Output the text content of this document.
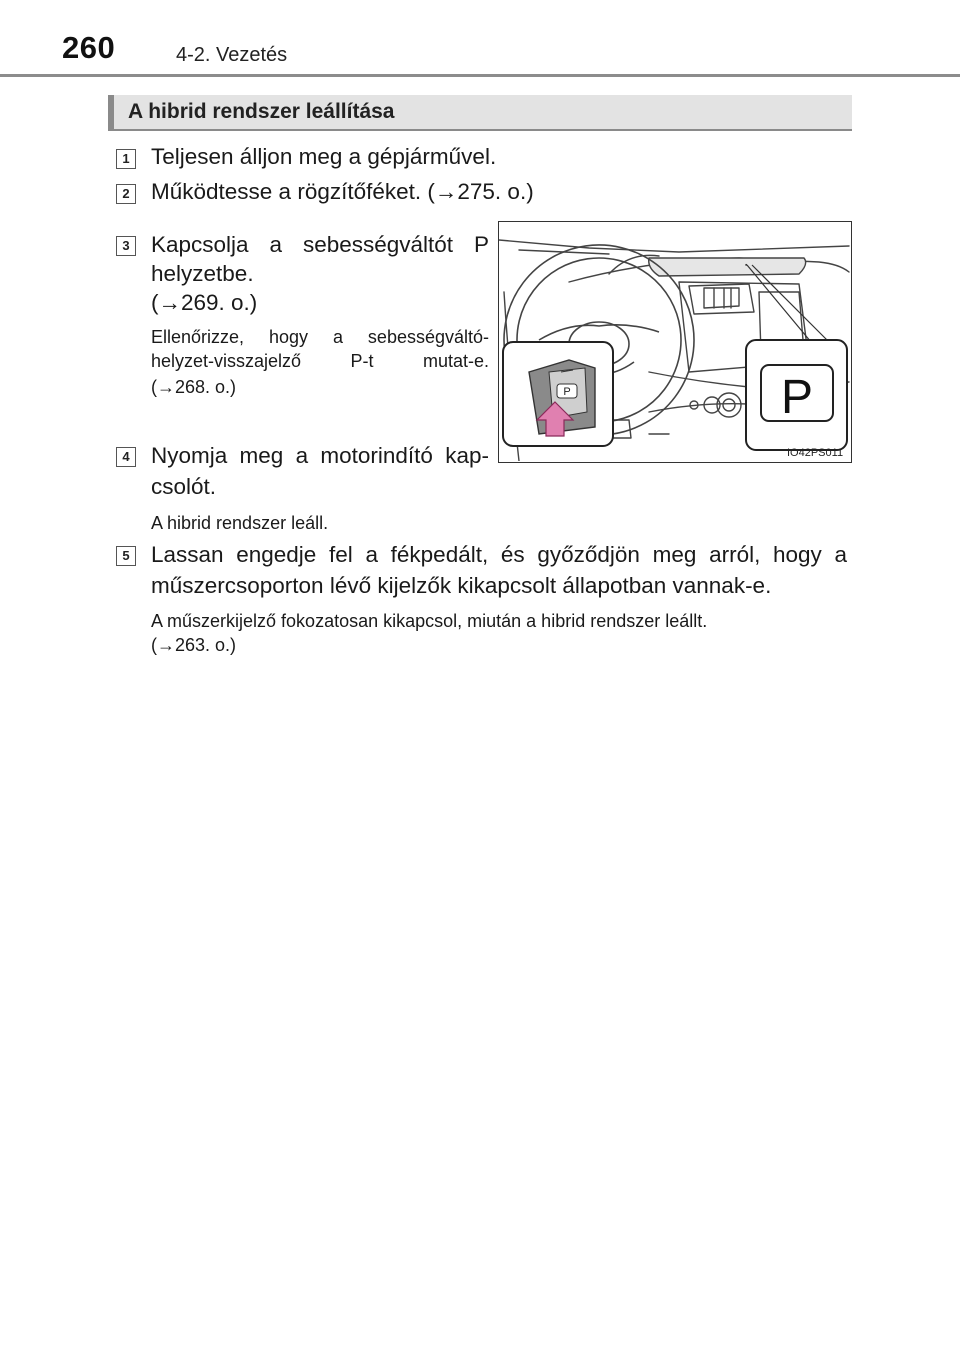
260	4-2. Vezetés
A hibrid rendszer leállítása
1 Teljesen álljon meg a gépjárművel.
2 Működtesse a rögzítőféket. (→275. o.)
3 Kapcsolja a sebességváltót P
helyzetbe.
(→269. o.)
Ellenőrizze, hogy a sebességváltó-
helyzet-visszajelző P-t mutat-e.
(→268. o.)
4 Nyomja meg a motorindító kap-
csolót.
A hibrid rendszer leáll.
5 Lassan engedje fel a fékpedált, és győződjön meg arról, hogy a
műszercsoporton lévő kijelzők kikapcsolt állapotban vannak-e.
A műszerkijelző fokozatosan kikapcsol, miután a hibrid rendszer leállt.
(→263. o.)
▪
P
P
IO42PS011
